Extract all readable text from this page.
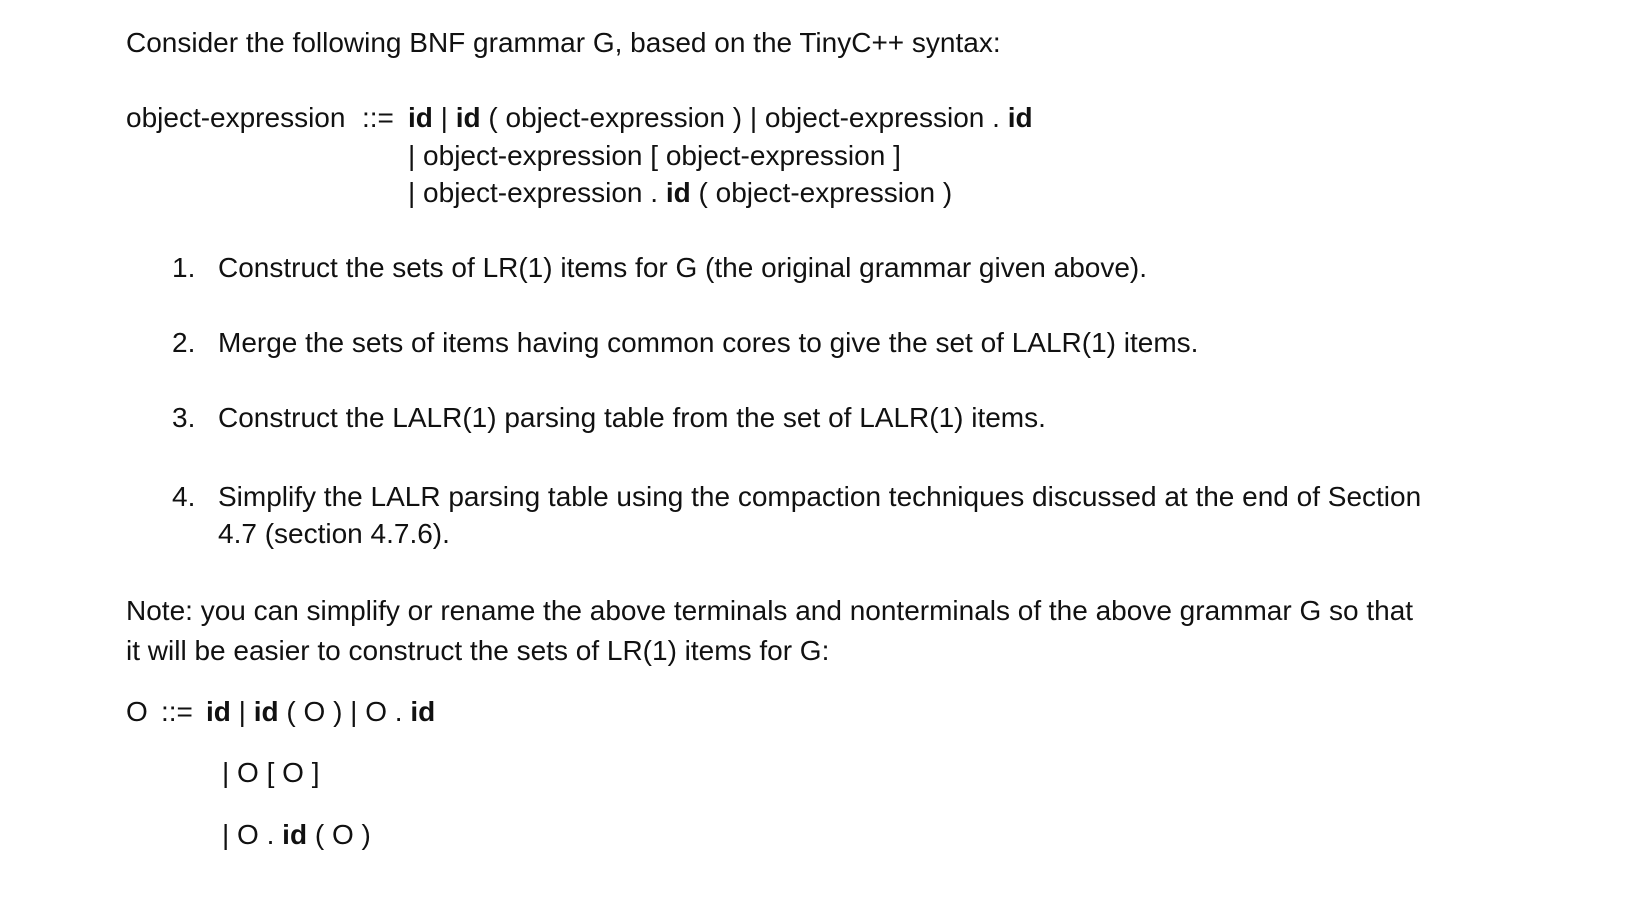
Consider the following BNF grammar G, based on the TinyC++ syntax:
object-expression ::= id | id ( object-expression ) | object-expression . id
| object-expression [ object-expression ]
| object-expression . id ( object-expression )
1. Construct the sets of LR(1) items for G (the original grammar given above).
2. Merge the sets of items having common cores to give the set of LALR(1) items.
3. Construct the LALR(1) parsing table from the set of LALR(1) items.
4. Simplify the LALR parsing table using the compaction techniques discussed at the end of Section
4.7 (section 4.7.6).
Note: you can simplify or rename the above terminals and nonterminals of the above grammar G so that
it will be easier to construct the sets of LR(1) items for G:
O ::= id | id ( O ) | O . id
| O [ O ]
| O . id ( O )
